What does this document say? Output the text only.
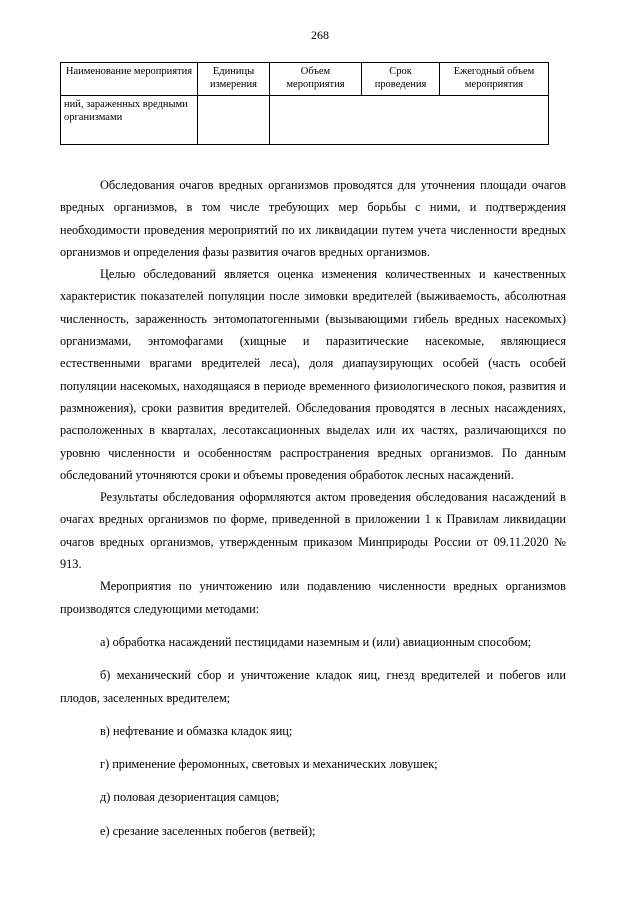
268
Наименование мероприятия	Единицы измерения	Объем мероприятия	Срок проведения	Ежегодный объем мероприятия
ний, зараженных вредными организмами				

Обследования очагов вредных организмов проводятся для уточнения площади очагов вредных организмов, в том числе требующих мер борьбы с ними, и подтверждения необходимости проведения мероприятий по их ликвидации путем учета численности вредных организмов и определения фазы развития очагов вредных организмов.

Целью обследований является оценка изменения количественных и качественных характеристик показателей популяции после зимовки вредителей (выживаемость, абсолютная численность, зараженность энтомопатогенными (вызывающими гибель вредных насекомых) организмами, энтомофагами (хищные и паразитические насекомые, являющиеся естественными врагами вредителей леса), доля диапаузирующих особей (часть особей популяции насекомых, находящаяся в периоде временного физиологического покоя, развития и размножения), сроки развития вредителей. Обследования проводятся в лесных насаждениях, расположенных в кварталах, лесотаксационных выделах или их частях, различающихся по уровню численности и особенностям распространения вредных организмов. По данным обследований уточняются сроки и объемы проведения обработок лесных насаждений.

Результаты обследования оформляются актом проведения обследования насаждений в очагах вредных организмов по форме, приведенной в приложении 1 к Правилам ликвидации очагов вредных организмов, утвержденным приказом Минприроды России от 09.11.2020 № 913.

Мероприятия по уничтожению или подавлению численности вредных организмов производятся следующими методами:

а) обработка насаждений пестицидами наземным и (или) авиационным способом;

б) механический сбор и уничтожение кладок яиц, гнезд вредителей и побегов или плодов, заселенных вредителем;

в) нефтевание и обмазка кладок яиц;

г) применение феромонных, световых и механических ловушек;

д) половая дезориентация самцов;

е) срезание заселенных побегов (ветвей);
